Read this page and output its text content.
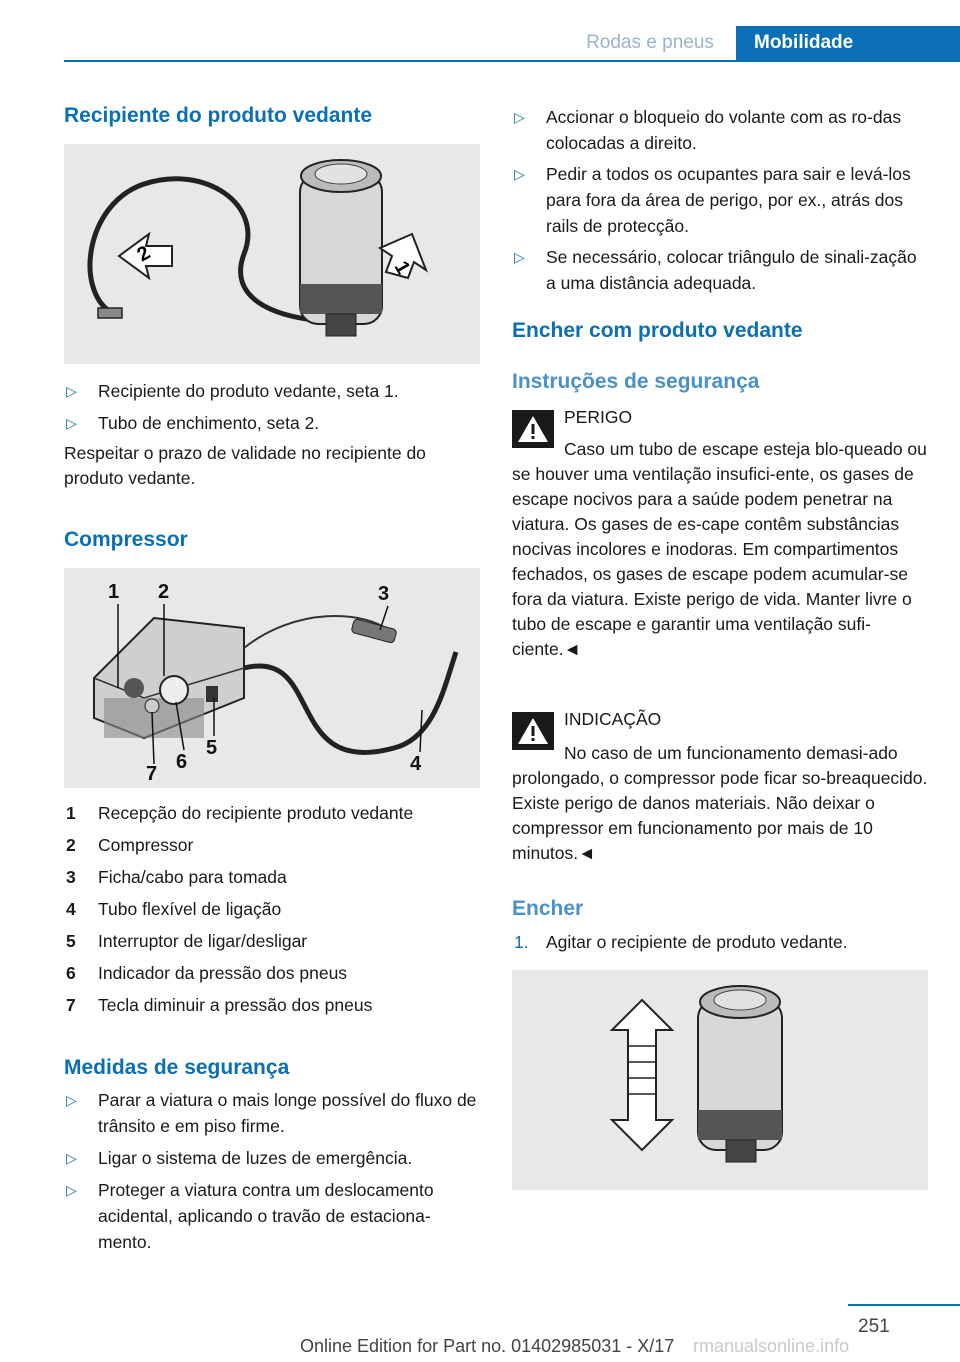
Rodas e pneus	Mobilidade
Recipiente do produto vedante
2
1
▷ Recipiente do produto vedante, seta 1.
▷ Tubo de enchimento, seta 2.
Respeitar o prazo de validade no recipiente do produto vedante.
Compressor
1 2	3
4
5
6
7
1 Recepção do recipiente produto vedante
2 Compressor
3 Ficha/cabo para tomada
4 Tubo flexível de ligação
5 Interruptor de ligar/desligar
6 Indicador da pressão dos pneus
7 Tecla diminuir a pressão dos pneus
Medidas de segurança
▷ Parar a viatura o mais longe possível do fluxo de trânsito e em piso firme.
▷ Ligar o sistema de luzes de emergência.
▷ Proteger a viatura contra um deslocamento acidental, aplicando o travão de estaciona-mento.
▷ Accionar o bloqueio do volante com as ro-das colocadas a direito.
▷ Pedir a todos os ocupantes para sair e levá-los para fora da área de perigo, por ex., atrás dos rails de protecção.
▷ Se necessário, colocar triângulo de sinali-zação a uma distância adequada.
Encher com produto vedante
Instruções de segurança
PERIGO
Caso um tubo de escape esteja blo-queado ou se houver uma ventilação insufici-ente, os gases de escape nocivos para a saúde podem penetrar na viatura. Os gases de es-cape contêm substâncias nocivas incolores e inodoras. Em compartimentos fechados, os gases de escape podem acumular-se fora da viatura. Existe perigo de vida. Manter livre o tubo de escape e garantir uma ventilação sufi-ciente.◄
INDICAÇÃO
No caso de um funcionamento demasi-ado prolongado, o compressor pode ficar so-breaquecido. Existe perigo de danos materiais. Não deixar o compressor em funcionamento por mais de 10 minutos.◄
Encher
1. Agitar o recipiente de produto vedante.
251
Online Edition for Part no. 01402985031 - X/17 rmanualsonline.info
